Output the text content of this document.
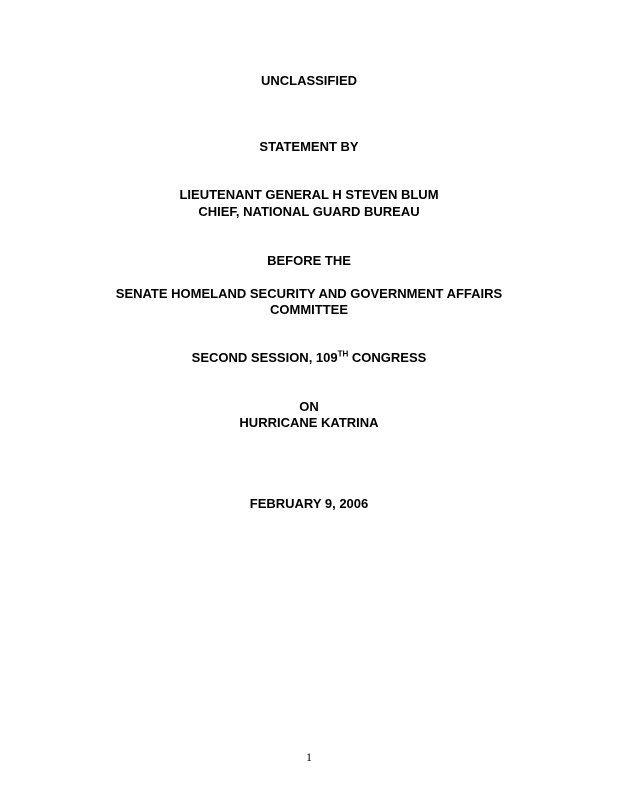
UNCLASSIFIED
STATEMENT BY
LIEUTENANT GENERAL H STEVEN BLUM
CHIEF, NATIONAL GUARD BUREAU
BEFORE THE
SENATE HOMELAND SECURITY AND GOVERNMENT AFFAIRS
COMMITTEE
SECOND SESSION, 109TH CONGRESS
ON
HURRICANE KATRINA
FEBRUARY 9, 2006
1
